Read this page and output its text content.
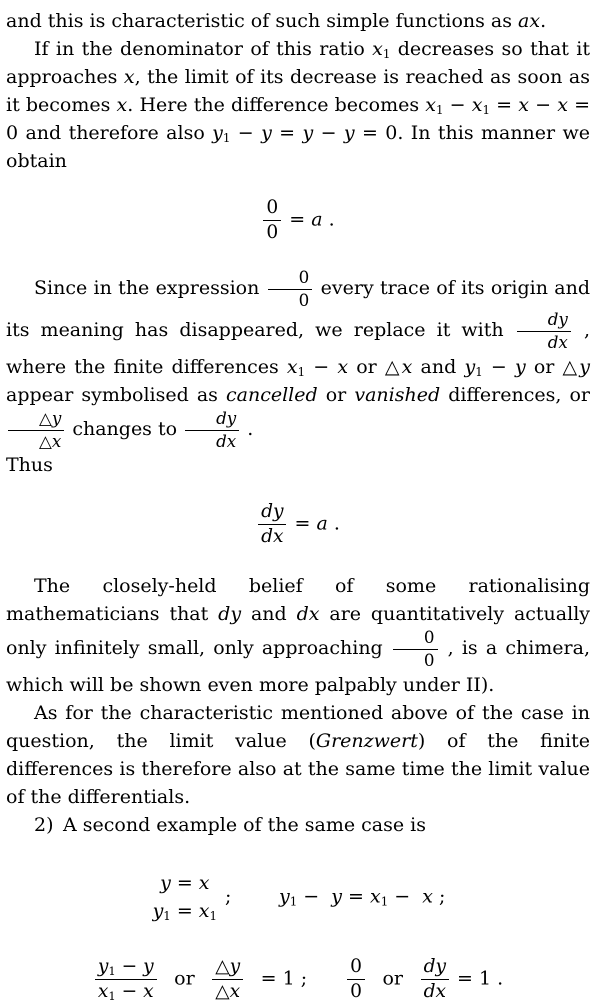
and this is characteristic of such simple functions as ax.
If in the denominator of this ratio $x_1$ decreases so that it approaches x, the limit of its decrease is reached as soon as it becomes x. Here the difference becomes $x_1 - x_1 = x - x = 0$ and therefore also $y_1 - y = y - y = 0$. In this manner we obtain
$\frac{0}{0} = a$ .
Since in the expression $\frac{0}{0}$ every trace of its origin and its meaning has disappeared, we replace it with $\frac{dy}{dx}$ , where the finite differences $x_1 - x$ or △x and $y_1 - y$ or △y appear symbolised as cancelled or vanished differences, or
$\frac{\triangle y}{\triangle x}$ changes to $\frac{dy}{dx}$ .
Thus
$\frac{dy}{dx} = a$ .
The closely-held belief of some rationalising mathematicians that dy and dx are quantitatively actually only infinitely small, only approaching $\frac{0}{0}$ , is a chimera, which will be shown even more palpably under II).
As for the characteristic mentioned above of the case in question, the limit value (Grenzwert) of the finite differences is therefore also at the same time the limit value of the differentials.
2) A second example of the same case is
y = x
$y_1 = x_1$
;   $y_1 - y = x_1 - x$ ;
$\frac{y_1 - y}{x_1 - x}$   or   $\frac{\triangle y}{\triangle x}$   = 1 ;   $\frac{0}{0}$   or   $\frac{dy}{dx} = 1$ .
